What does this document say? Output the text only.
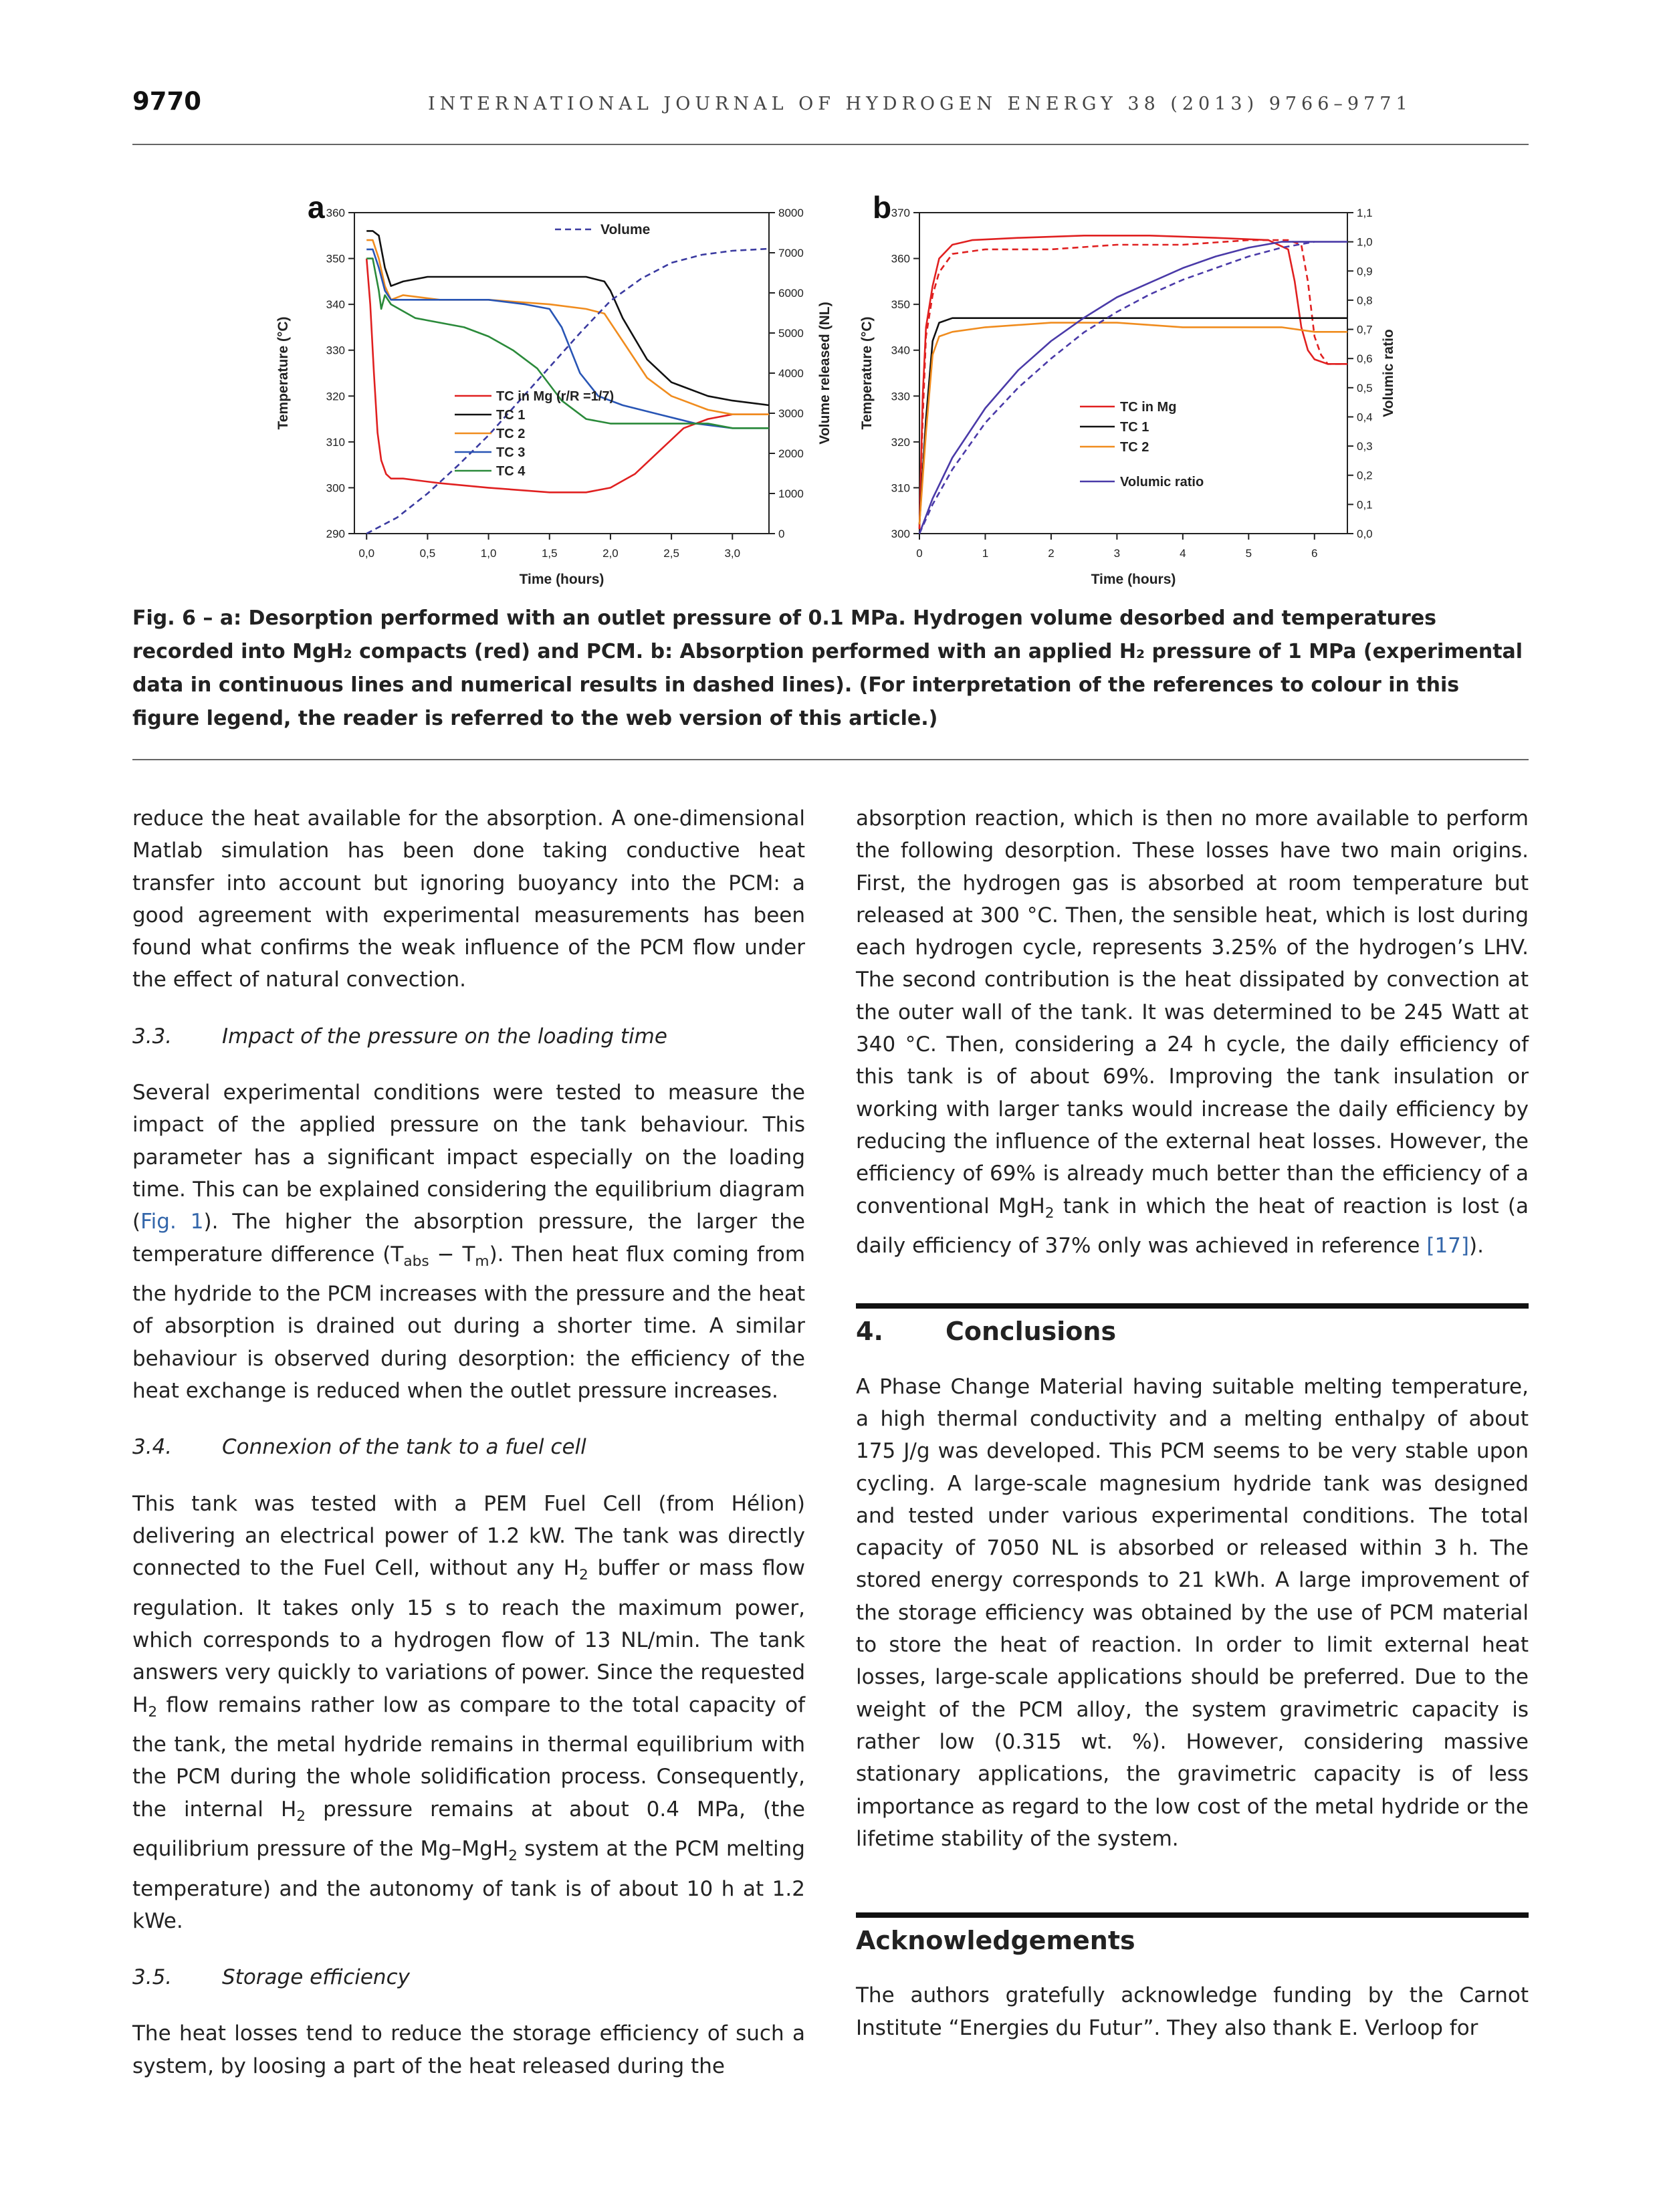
9770	INTERNATIONAL JOURNAL OF HYDROGEN ENERGY 38 (2013) 9766–9771
a
0,0	0,5	1,0	1,5	2,0	2,5	3,0
Time (hours)
290
300
310
320
330
340
350
360
Temperature (°C)
0
1000
2000
3000
4000
5000
6000
7000
8000
Volume released (NL)
Volume
TC in Mg (r/R =1/7)
TC 1
TC 2
TC 3
TC 4
b
0	1	2	3	4	5	6
Time (hours)
300
310
320
330
340
350
360
370
Temperature (°C)
0,0
0,1
0,2
0,3
0,4
0,5
0,6
0,7
0,8
0,9
1,0
1,1
Volumic ratio
TC in Mg
TC 1
TC 2
Volumic ratio
Fig. 6 – a: Desorption performed with an outlet pressure of 0.1 MPa. Hydrogen volume desorbed and temperatures recorded into MgH₂ compacts (red) and PCM. b: Absorption performed with an applied H₂ pressure of 1 MPa (experimental data in continuous lines and numerical results in dashed lines). (For interpretation of the references to colour in this figure legend, the reader is referred to the web version of this article.)

reduce the heat available for the absorption. A one-dimensional Matlab simulation has been done taking conductive heat transfer into account but ignoring buoyancy into the PCM: a good agreement with experimental measurements has been found what confirms the weak influence of the PCM flow under the effect of natural convection.

3.3. Impact of the pressure on the loading time

Several experimental conditions were tested to measure the impact of the applied pressure on the tank behaviour. This parameter has a significant impact especially on the loading time. This can be explained considering the equilibrium diagram (Fig. 1). The higher the absorption pressure, the larger the temperature difference $(T_{abs} - T_m)$. Then heat flux coming from the hydride to the PCM increases with the pressure and the heat of absorption is drained out during a shorter time. A similar behaviour is observed during desorption: the efficiency of the heat exchange is reduced when the outlet pressure increases.

3.4. Connexion of the tank to a fuel cell

This tank was tested with a PEM Fuel Cell (from Hélion) delivering an electrical power of 1.2 kW. The tank was directly connected to the Fuel Cell, without any $H_2$ buffer or mass flow regulation. It takes only 15 s to reach the maximum power, which corresponds to a hydrogen flow of 13 NL/min. The tank answers very quickly to variations of power. Since the requested $H_2$ flow remains rather low as compare to the total capacity of the tank, the metal hydride remains in thermal equilibrium with the PCM during the whole solidification process. Consequently, the internal $H_2$ pressure remains at about 0.4 MPa, (the equilibrium pressure of the Mg–MgH$_2$ system at the PCM melting temperature) and the autonomy of tank is of about 10 h at 1.2 kWe.

3.5. Storage efficiency

The heat losses tend to reduce the storage efficiency of such a system, by loosing a part of the heat released during the

absorption reaction, which is then no more available to perform the following desorption. These losses have two main origins. First, the hydrogen gas is absorbed at room temperature but released at 300 °C. Then, the sensible heat, which is lost during each hydrogen cycle, represents 3.25% of the hydrogen’s LHV. The second contribution is the heat dissipated by convection at the outer wall of the tank. It was determined to be 245 Watt at 340 °C. Then, considering a 24 h cycle, the daily efficiency of this tank is of about 69%. Improving the tank insulation or working with larger tanks would increase the daily efficiency by reducing the influence of the external heat losses. However, the efficiency of 69% is already much better than the efficiency of a conventional MgH$_2$ tank in which the heat of reaction is lost (a daily efficiency of 37% only was achieved in reference [17]).

4. Conclusions

A Phase Change Material having suitable melting temperature, a high thermal conductivity and a melting enthalpy of about 175 J/g was developed. This PCM seems to be very stable upon cycling. A large-scale magnesium hydride tank was designed and tested under various experimental conditions. The total capacity of 7050 NL is absorbed or released within 3 h. The stored energy corresponds to 21 kWh. A large improvement of the storage efficiency was obtained by the use of PCM material to store the heat of reaction. In order to limit external heat losses, large-scale applications should be preferred. Due to the weight of the PCM alloy, the system gravimetric capacity is rather low (0.315 wt. %). However, considering massive stationary applications, the gravimetric capacity is of less importance as regard to the low cost of the metal hydride or the lifetime stability of the system.

Acknowledgements

The authors gratefully acknowledge funding by the Carnot Institute “Energies du Futur”. They also thank E. Verloop for
